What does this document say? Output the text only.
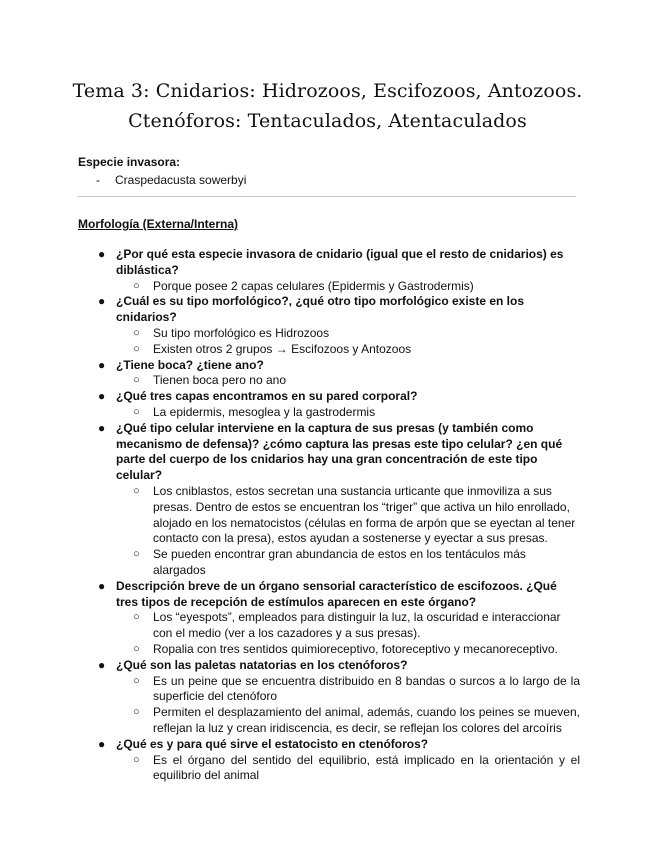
Tema 3: Cnidarios: Hidrozoos, Escifozoos, Antozoos.
Ctenóforos: Tentaculados, Atentaculados
Especie invasora:
- Craspedacusta sowerbyi
Morfología (Externa/Interna)
● ¿Por qué esta especie invasora de cnidario (igual que el resto de cnidarios) es diblástica?
○ Porque posee 2 capas celulares (Epidermis y Gastrodermis)
● ¿Cuál es su tipo morfológico?, ¿qué otro tipo morfológico existe en los cnidarios?
○ Su tipo morfológico es Hidrozoos
○ Existen otros 2 grupos → Escifozoos y Antozoos
● ¿Tiene boca? ¿tiene ano?
○ Tienen boca pero no ano
● ¿Qué tres capas encontramos en su pared corporal?
○ La epidermis, mesoglea y la gastrodermis
● ¿Qué tipo celular interviene en la captura de sus presas (y también como mecanismo de defensa)? ¿cómo captura las presas este tipo celular? ¿en qué parte del cuerpo de los cnidarios hay una gran concentración de este tipo celular?
○ Los cniblastos, estos secretan una sustancia urticante que inmoviliza a sus presas. Dentro de estos se encuentran los “triger” que activa un hilo enrollado, alojado en los nematocistos (células en forma de arpón que se eyectan al tener contacto con la presa), estos ayudan a sostenerse y eyectar a sus presas.
○ Se pueden encontrar gran abundancia de estos en los tentáculos más alargados
● Descripción breve de un órgano sensorial característico de escifozoos. ¿Qué tres tipos de recepción de estímulos aparecen en este órgano?
○ Los “eyespots”, empleados para distinguir la luz, la oscuridad e interaccionar con el medio (ver a los cazadores y a sus presas).
○ Ropalia con tres sentidos quimioreceptivo, fotoreceptivo y mecanoreceptivo.
● ¿Qué son las paletas natatorias en los ctenóforos?
○ Es un peine que se encuentra distribuido en 8 bandas o surcos a lo largo de la superficie del ctenóforo
○ Permiten el desplazamiento del animal, además, cuando los peines se mueven, reflejan la luz y crean iridiscencia, es decir, se reflejan los colores del arcoíris
● ¿Qué es y para qué sirve el estatocisto en ctenóforos?
○ Es el órgano del sentido del equilibrio, está implicado en la orientación y el equilibrio del animal
